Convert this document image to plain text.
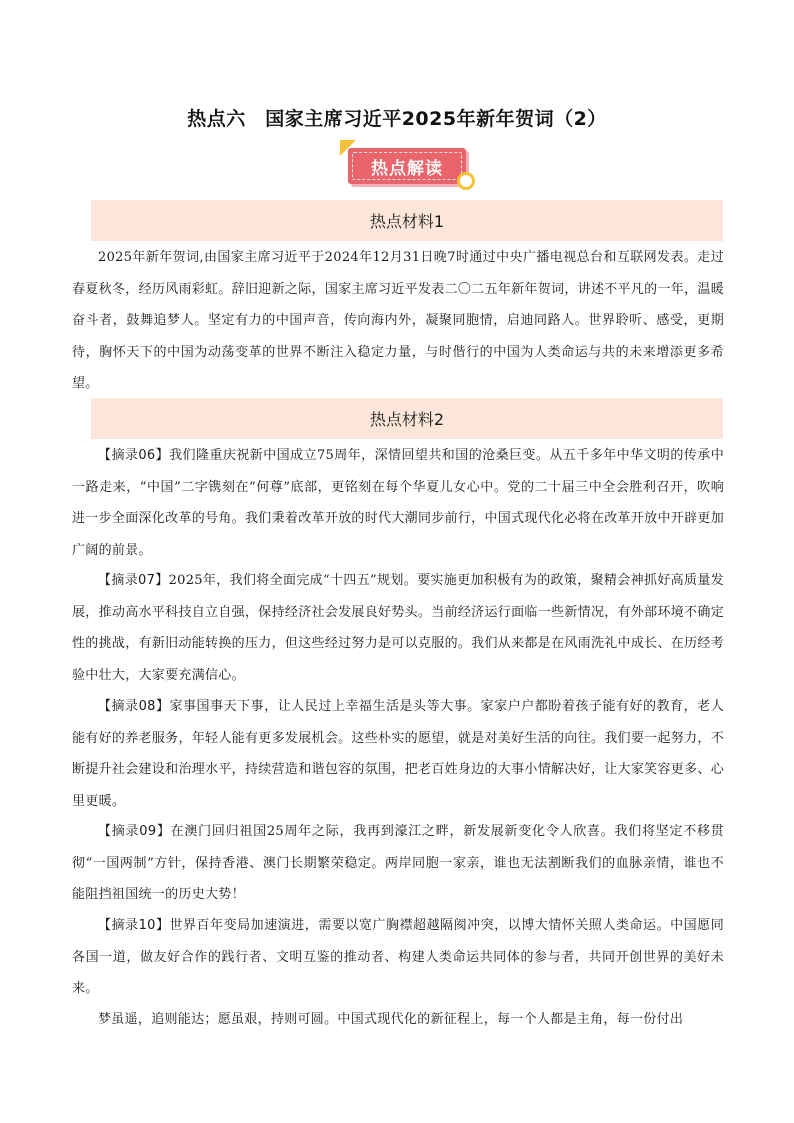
热点六　国家主席习近平2025年新年贺词（2）
热点解读
热点材料1
2025年新年贺词,由国家主席习近平于2024年12月31日晚7时通过中央广播电视总台和互联网发表。走过春夏秋冬，经历风雨彩虹。辞旧迎新之际，国家主席习近平发表二〇二五年新年贺词，讲述不平凡的一年，温暖奋斗者，鼓舞追梦人。坚定有力的中国声音，传向海内外，凝聚同胞情，启迪同路人。世界聆听、感受，更期待，胸怀天下的中国为动荡变革的世界不断注入稳定力量，与时偕行的中国为人类命运与共的未来增添更多希望。
热点材料2
【摘录06】我们隆重庆祝新中国成立75周年，深情回望共和国的沧桑巨变。从五千多年中华文明的传承中一路走来，“中国”二字镌刻在“何尊”底部，更铭刻在每个华夏儿女心中。党的二十届三中全会胜利召开，吹响进一步全面深化改革的号角。我们秉着改革开放的时代大潮同步前行，中国式现代化必将在改革开放中开辟更加广阔的前景。
【摘录07】2025年，我们将全面完成“十四五”规划。要实施更加积极有为的政策，聚精会神抓好高质量发展，推动高水平科技自立自强，保持经济社会发展良好势头。当前经济运行面临一些新情况，有外部环境不确定性的挑战，有新旧动能转换的压力，但这些经过努力是可以克服的。我们从来都是在风雨洗礼中成长、在历经考验中壮大，大家要充满信心。
【摘录08】家事国事天下事，让人民过上幸福生活是头等大事。家家户户都盼着孩子能有好的教育，老人能有好的养老服务，年轻人能有更多发展机会。这些朴实的愿望，就是对美好生活的向往。我们要一起努力，不断提升社会建设和治理水平，持续营造和谐包容的氛围，把老百姓身边的大事小情解决好，让大家笑容更多、心里更暖。
【摘录09】在澳门回归祖国25周年之际，我再到濠江之畔，新发展新变化令人欣喜。我们将坚定不移贯彻“一国两制”方针，保持香港、澳门长期繁荣稳定。两岸同胞一家亲，谁也无法割断我们的血脉亲情，谁也不能阻挡祖国统一的历史大势！
【摘录10】世界百年变局加速演进，需要以宽广胸襟超越隔阂冲突，以博大情怀关照人类命运。中国愿同各国一道，做友好合作的践行者、文明互鉴的推动者、构建人类命运共同体的参与者，共同开创世界的美好未来。
梦虽遥，追则能达；愿虽艰，持则可圆。中国式现代化的新征程上，每一个人都是主角，每一份付出
